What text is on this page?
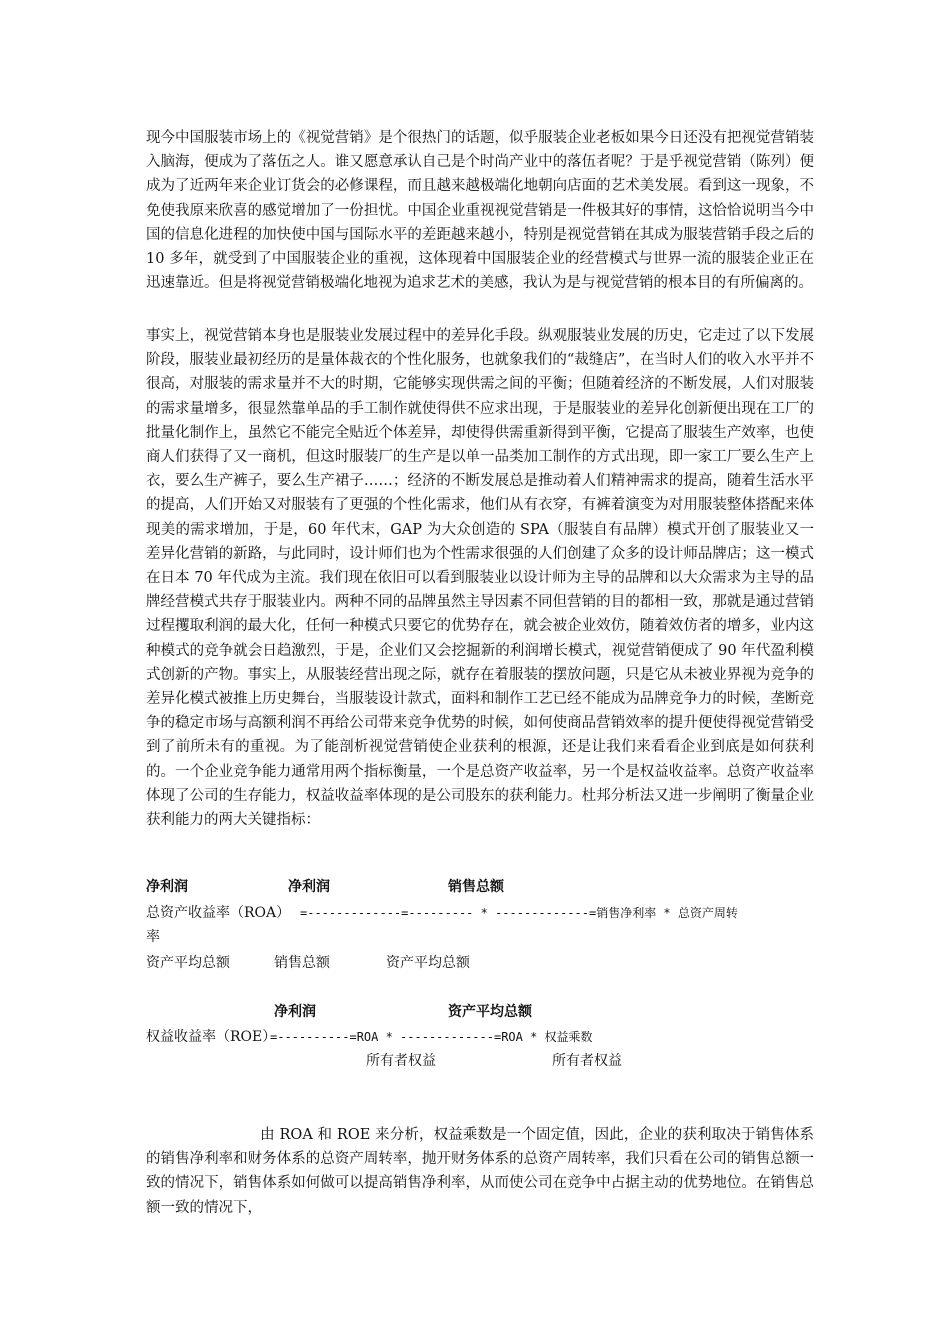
现今中国服装市场上的《视觉营销》是个很热门的话题，似乎服装企业老板如果今日还没有把视觉营销装入脑海，便成为了落伍之人。谁又愿意承认自己是个时尚产业中的落伍者呢？于是乎视觉营销（陈列）便成为了近两年来企业订货会的必修课程，而且越来越极端化地朝向店面的艺术美发展。看到这一现象，不免使我原来欣喜的感觉增加了一份担忧。中国企业重视视觉营销是一件极其好的事情，这恰恰说明当今中国的信息化进程的加快使中国与国际水平的差距越来越小，特别是视觉营销在其成为服装营销手段之后的 10 多年，就受到了中国服装企业的重视，这体现着中国服装企业的经营模式与世界一流的服装企业正在迅速靠近。但是将视觉营销极端化地视为追求艺术的美感，我认为是与视觉营销的根本目的有所偏离的。
事实上，视觉营销本身也是服装业发展过程中的差异化手段。纵观服装业发展的历史，它走过了以下发展阶段，服装业最初经历的是量体裁衣的个性化服务，也就象我们的“裁缝店”，在当时人们的收入水平并不很高，对服装的需求量并不大的时期，它能够实现供需之间的平衡；但随着经济的不断发展，人们对服装的需求量增多，很显然靠单品的手工制作就使得供不应求出现，于是服装业的差异化创新便出现在工厂的批量化制作上，虽然它不能完全贴近个体差异，却使得供需重新得到平衡，它提高了服装生产效率，也使商人们获得了又一商机，但这时服装厂的生产是以单一品类加工制作的方式出现，即一家工厂要么生产上衣，要么生产裤子，要么生产裙子……；经济的不断发展总是推动着人们精神需求的提高，随着生活水平的提高，人们开始又对服装有了更强的个性化需求，他们从有衣穿，有裤着演变为对用服装整体搭配来体现美的需求增加，于是，60 年代末，GAP 为大众创造的 SPA（服装自有品牌）模式开创了服装业又一差异化营销的新路，与此同时，设计师们也为个性需求很强的人们创建了众多的设计师品牌店；这一模式在日本 70 年代成为主流。我们现在依旧可以看到服装业以设计师为主导的品牌和以大众需求为主导的品牌经营模式共存于服装业内。两种不同的品牌虽然主导因素不同但营销的目的都相一致，那就是通过营销过程攫取利润的最大化，任何一种模式只要它的优势存在，就会被企业效仿，随着效仿者的增多，业内这种模式的竞争就会日趋激烈，于是，企业们又会挖掘新的利润增长模式，视觉营销便成了 90 年代盈利模式创新的产物。事实上，从服装经营出现之际，就存在着服装的摆放问题，只是它从未被业界视为竞争的差异化模式被推上历史舞台，当服装设计款式，面料和制作工艺已经不能成为品牌竞争力的时候，垄断竞争的稳定市场与高额利润不再给公司带来竞争优势的时候，如何使商品营销效率的提升便使得视觉营销受到了前所未有的重视。为了能剖析视觉营销使企业获利的根源，还是让我们来看看企业到底是如何获利的。一个企业竞争能力通常用两个指标衡量，一个是总资产收益率，另一个是权益收益率。总资产收益率体现了公司的生存能力，权益收益率体现的是公司股东的获利能力。杜邦分析法又进一步阐明了衡量企业获利能力的两大关键指标：
净利润	净利润	销售总额
总资产收益率（ROA） =-------------=--------- * -------------=销售净利率 * 总资产周转
率
资产平均总额	销售总额	资产平均总额
净利润	资产平均总额
权益收益率（ROE）
=----------=ROA * -------------=ROA * 权益乘数
所有者权益	所有者权益
由 ROA 和 ROE 来分析，权益乘数是一个固定值，因此，企业的获利取决于销售体系的销售净利率和财务体系的总资产周转率，抛开财务体系的总资产周转率，我们只看在公司的销售总额一致的情况下，销售体系如何做可以提高销售净利率，从而使公司在竞争中占据主动的优势地位。在销售总额一致的情况下，
